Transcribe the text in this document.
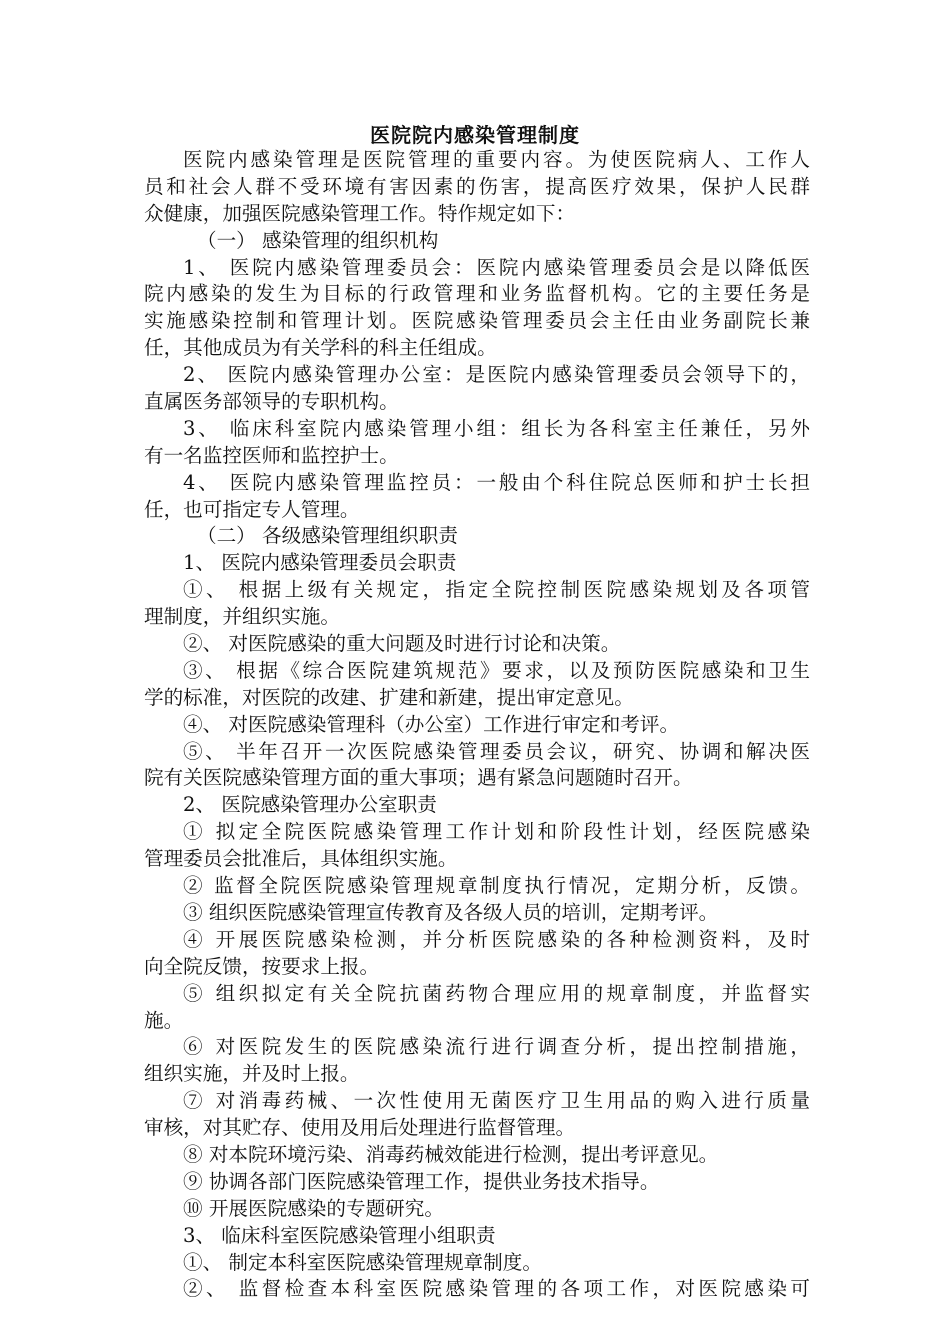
医院院内感染管理制度
医院内感染管理是医院管理的重要内容。为使医院病人、工作人
员和社会人群不受环境有害因素的伤害，提高医疗效果，保护人民群
众健康，加强医院感染管理工作。特作规定如下：
（一） 感染管理的组织机构
1、 医院内感染管理委员会：医院内感染管理委员会是以降低医
院内感染的发生为目标的行政管理和业务监督机构。它的主要任务是
实施感染控制和管理计划。医院感染管理委员会主任由业务副院长兼
任，其他成员为有关学科的科主任组成。
2、 医院内感染管理办公室：是医院内感染管理委员会领导下的，
直属医务部领导的专职机构。
3、 临床科室院内感染管理小组：组长为各科室主任兼任，另外
有一名监控医师和监控护士。
4、 医院内感染管理监控员：一般由个科住院总医师和护士长担
任，也可指定专人管理。
（二） 各级感染管理组织职责
1、 医院内感染管理委员会职责
①、 根据上级有关规定，指定全院控制医院感染规划及各项管
理制度，并组织实施。
②、 对医院感染的重大问题及时进行讨论和决策。
③、 根据《综合医院建筑规范》要求，以及预防医院感染和卫生
学的标准，对医院的改建、扩建和新建，提出审定意见。
④、 对医院感染管理科（办公室）工作进行审定和考评。
⑤、 半年召开一次医院感染管理委员会议，研究、协调和解决医
院有关医院感染管理方面的重大事项；遇有紧急问题随时召开。
2、 医院感染管理办公室职责
① 拟定全院医院感染管理工作计划和阶段性计划，经医院感染
管理委员会批准后，具体组织实施。
② 监督全院医院感染管理规章制度执行情况，定期分析，反馈。
③ 组织医院感染管理宣传教育及各级人员的培训，定期考评。
④ 开展医院感染检测，并分析医院感染的各种检测资料，及时
向全院反馈，按要求上报。
⑤ 组织拟定有关全院抗菌药物合理应用的规章制度，并监督实
施。
⑥ 对医院发生的医院感染流行进行调查分析，提出控制措施，
组织实施，并及时上报。
⑦ 对消毒药械、一次性使用无菌医疗卫生用品的购入进行质量
审核，对其贮存、使用及用后处理进行监督管理。
⑧ 对本院环境污染、消毒药械效能进行检测，提出考评意见。
⑨ 协调各部门医院感染管理工作，提供业务技术指导。
⑩ 开展医院感染的专题研究。
3、 临床科室医院感染管理小组职责
①、 制定本科室医院感染管理规章制度。
②、 监督检查本科室医院感染管理的各项工作，对医院感染可
